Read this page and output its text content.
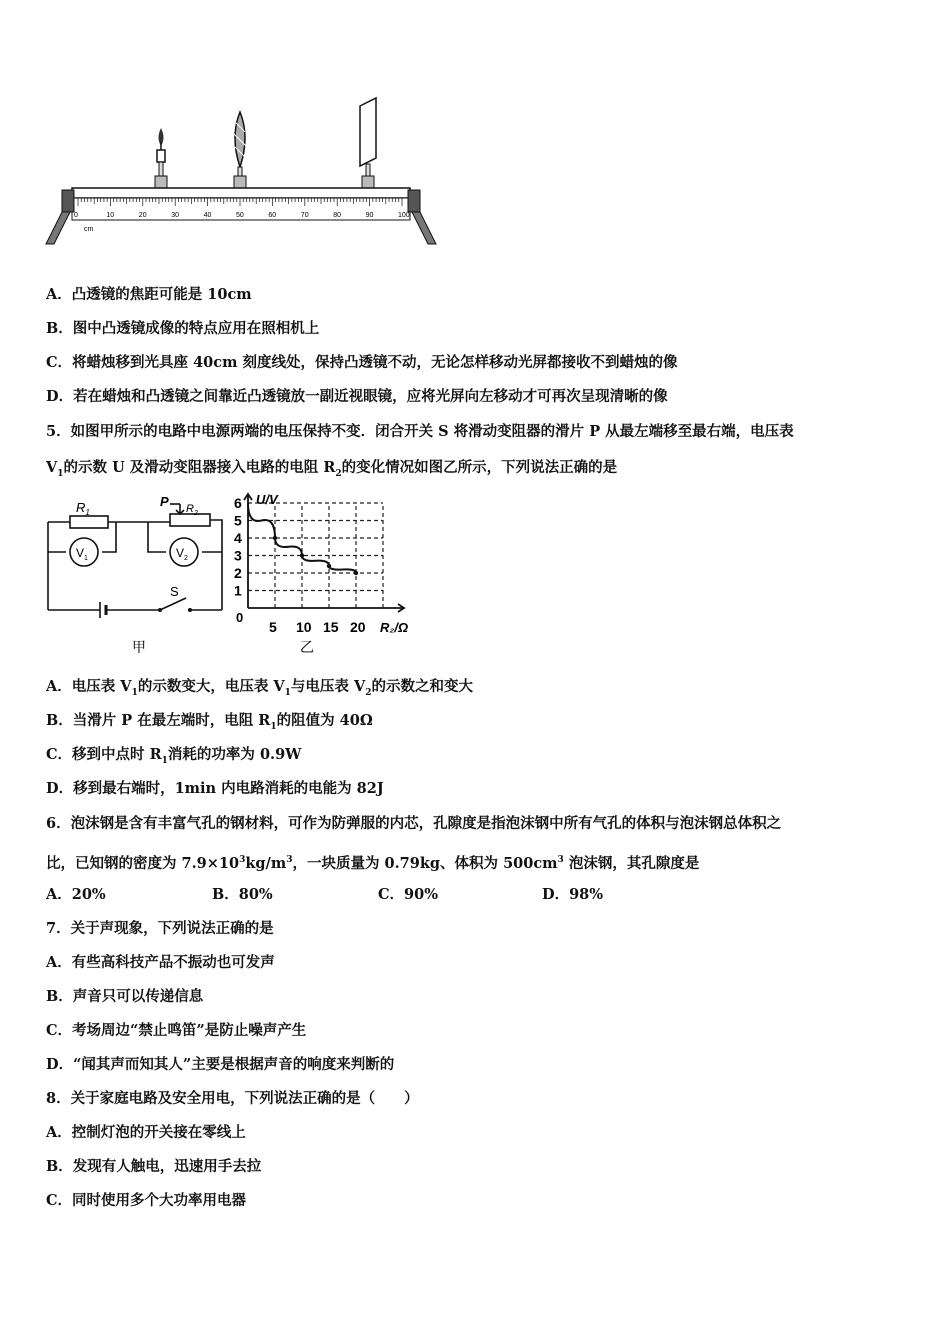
0	10	20	30	40	50	60	70	80	90	100
cm
A．凸透镜的焦距可能是 10cm
B．图中凸透镜成像的特点应用在照相机上
C．将蜡烛移到光具座 40cm 刻度线处，保持凸透镜不动，无论怎样移动光屏都接收不到蜡烛的像
D．若在蜡烛和凸透镜之间靠近凸透镜放一副近视眼镜，应将光屏向左移动才可再次呈现清晰的像
5．如图甲所示的电路中电源两端的电压保持不变．闭合开关 S 将滑动变阻器的滑片 P 从最左端移至最右端，电压表
$V_1$的示数 U 及滑动变阻器接入电路的电阻 $R_2$的变化情况如图乙所示，下列说法正确的是
$R_1$
P $R_2$
$V_1$	$V_2$
S
甲
1
2
3
4
5
6
5 10 15 20
U/V
R₂/Ω
0
乙
A．电压表 $V_1$的示数变大，电压表 $V_1$与电压表 $V_2$的示数之和变大
B．当滑片 P 在最左端时，电阻 $R_1$的阻值为 40Ω
C．移到中点时 $R_1$消耗的功率为 0.9W
D．移到最右端时，1min 内电路消耗的电能为 82J
6．泡沫钢是含有丰富气孔的钢材料，可作为防弹服的内芯，孔隙度是指泡沫钢中所有气孔的体积与泡沫钢总体积之
比，已知钢的密度为 $7.9\times 10^3kg/m^3$，一块质量为 0.79kg、体积为 $500cm^3$ 泡沫钢，其孔隙度是
A．20%	B．80%	C．90%	D．98%
7．关于声现象，下列说法正确的是
A．有些高科技产品不振动也可发声
B．声音只可以传递信息
C．考场周边“禁止鸣笛”是防止噪声产生
D．“闻其声而知其人”主要是根据声音的响度来判断的
8．关于家庭电路及安全用电，下列说法正确的是（　　）
A．控制灯泡的开关接在零线上
B．发现有人触电，迅速用手去拉
C．同时使用多个大功率用电器
